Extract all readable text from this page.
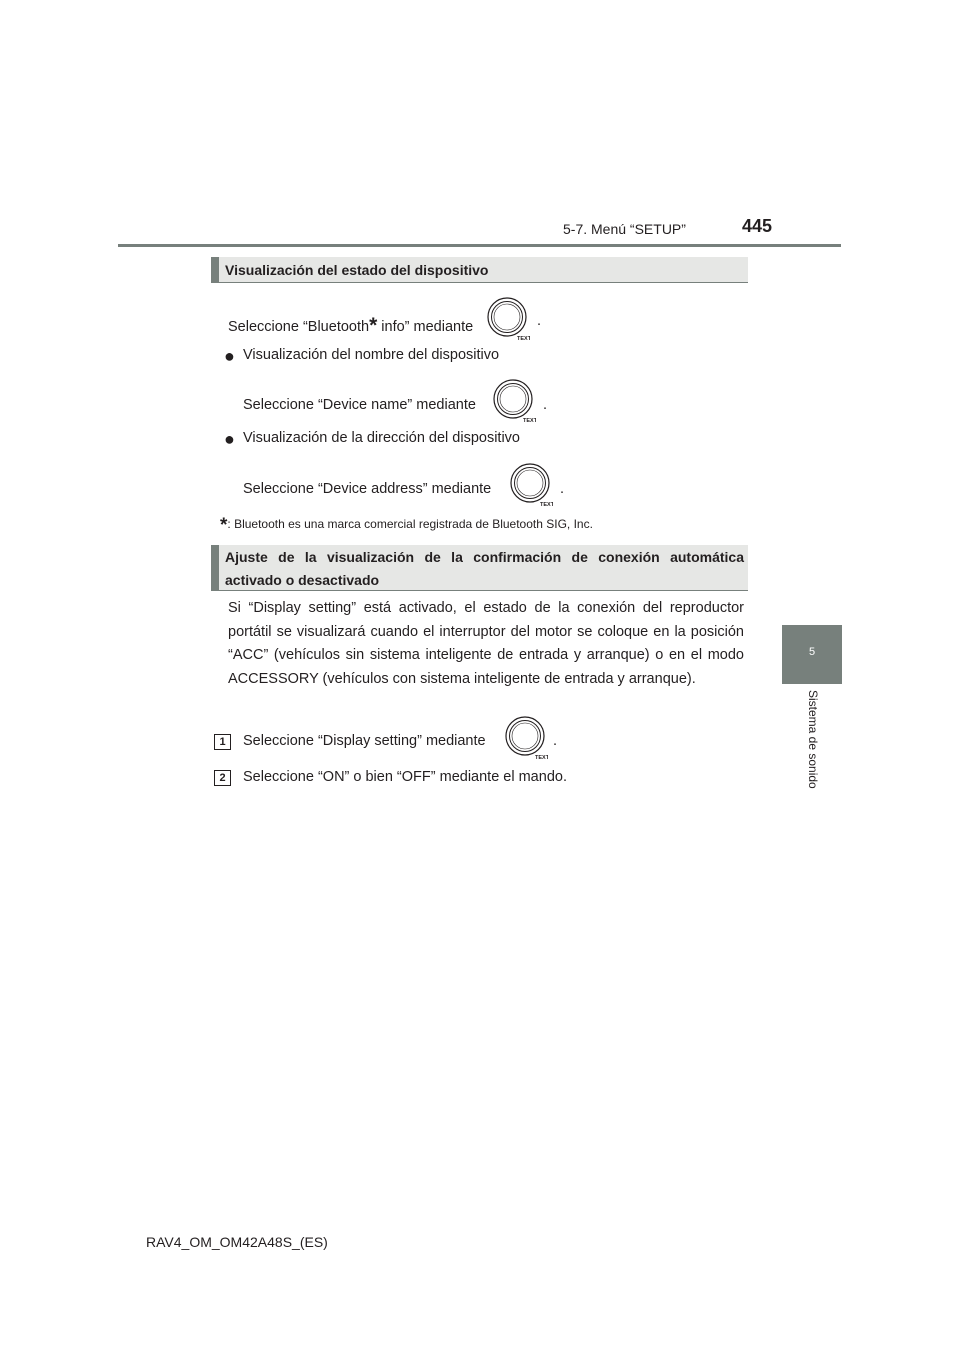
5-7. Menú “SETUP”	445
5
Sistema de sonido
Visualización del estado del dispositivo
Seleccione “Bluetooth* info” mediante
TEXT
.
● Visualización del nombre del dispositivo
Seleccione “Device name” mediante
TEXT
.
● Visualización de la dirección del dispositivo
Seleccione “Device address” mediante
TEXT
.
*: Bluetooth es una marca comercial registrada de Bluetooth SIG, Inc.
Ajuste de la visualización de la confirmación de conexión automática activado o desactivado
Si “Display setting” está activado, el estado de la conexión del reproductor portátil se visualizará cuando el interruptor del motor se coloque en la posición “ACC” (vehículos sin sistema inteligente de entrada y arranque) o en el modo ACCESSORY (vehículos con sistema inteligente de entrada y arranque).
1	Seleccione “Display setting” mediante
TEXT
.
2	Seleccione “ON” o bien “OFF” mediante el mando.
RAV4_OM_OM42A48S_(ES)
